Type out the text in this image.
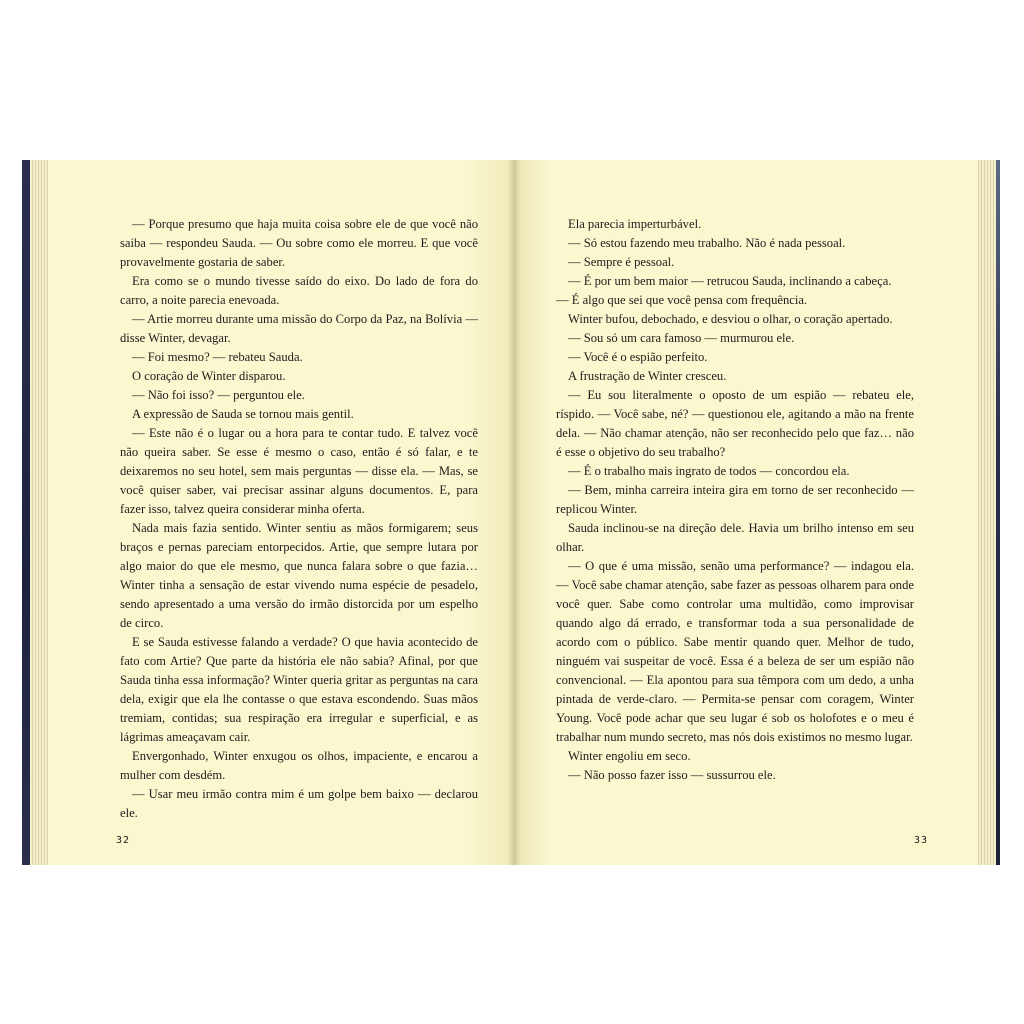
— Porque presumo que haja muita coisa sobre ele de que você não saiba — respondeu Sauda. — Ou sobre como ele morreu. E que você provavelmente gostaria de saber.

Era como se o mundo tivesse saído do eixo. Do lado de fora do carro, a noite parecia enevoada.

— Artie morreu durante uma missão do Corpo da Paz, na Bolívia — disse Winter, devagar.

— Foi mesmo? — rebateu Sauda.

O coração de Winter disparou.

— Não foi isso? — perguntou ele.

A expressão de Sauda se tornou mais gentil.

— Este não é o lugar ou a hora para te contar tudo. E talvez você não queira saber. Se esse é mesmo o caso, então é só falar, e te deixaremos no seu hotel, sem mais perguntas — disse ela. — Mas, se você quiser saber, vai precisar assinar alguns documentos. E, para fazer isso, talvez queira considerar minha oferta.

Nada mais fazia sentido. Winter sentiu as mãos formigarem; seus braços e pernas pareciam entorpecidos. Artie, que sempre lutara por algo maior do que ele mesmo, que nunca falara sobre o que fazia… Winter tinha a sensação de estar vivendo numa espécie de pesadelo, sendo apresentado a uma versão do irmão distorcida por um espelho de circo.

E se Sauda estivesse falando a verdade? O que havia acontecido de fato com Artie? Que parte da história ele não sabia? Afinal, por que Sauda tinha essa informação? Winter queria gritar as perguntas na cara dela, exigir que ela lhe contasse o que estava escondendo. Suas mãos tremiam, contidas; sua respiração era irregular e superficial, e as lágrimas ameaçavam cair.

Envergonhado, Winter enxugou os olhos, impaciente, e encarou a mulher com desdém.

— Usar meu irmão contra mim é um golpe bem baixo — declarou ele.

32

Ela parecia imperturbável.

— Só estou fazendo meu trabalho. Não é nada pessoal.

— Sempre é pessoal.

— É por um bem maior — retrucou Sauda, inclinando a cabeça.

— É algo que sei que você pensa com frequência.

Winter bufou, debochado, e desviou o olhar, o coração apertado.

— Sou só um cara famoso — murmurou ele.

— Você é o espião perfeito.

A frustração de Winter cresceu.

— Eu sou literalmente o oposto de um espião — rebateu ele, ríspido. — Você sabe, né? — questionou ele, agitando a mão na frente dela. — Não chamar atenção, não ser reconhecido pelo que faz… não é esse o objetivo do seu trabalho?

— É o trabalho mais ingrato de todos — concordou ela.

— Bem, minha carreira inteira gira em torno de ser reconhecido — replicou Winter.

Sauda inclinou-se na direção dele. Havia um brilho intenso em seu olhar.

— O que é uma missão, senão uma performance? — indagou ela. — Você sabe chamar atenção, sabe fazer as pessoas olharem para onde você quer. Sabe como controlar uma multidão, como improvisar quando algo dá errado, e transformar toda a sua personalidade de acordo com o público. Sabe mentir quando quer. Melhor de tudo, ninguém vai suspeitar de você. Essa é a beleza de ser um espião não convencional. — Ela apontou para sua têmpora com um dedo, a unha pintada de verde-claro. — Permita-se pensar com coragem, Winter Young. Você pode achar que seu lugar é sob os holofotes e o meu é trabalhar num mundo secreto, mas nós dois existimos no mesmo lugar.

Winter engoliu em seco.

— Não posso fazer isso — sussurrou ele.

33
